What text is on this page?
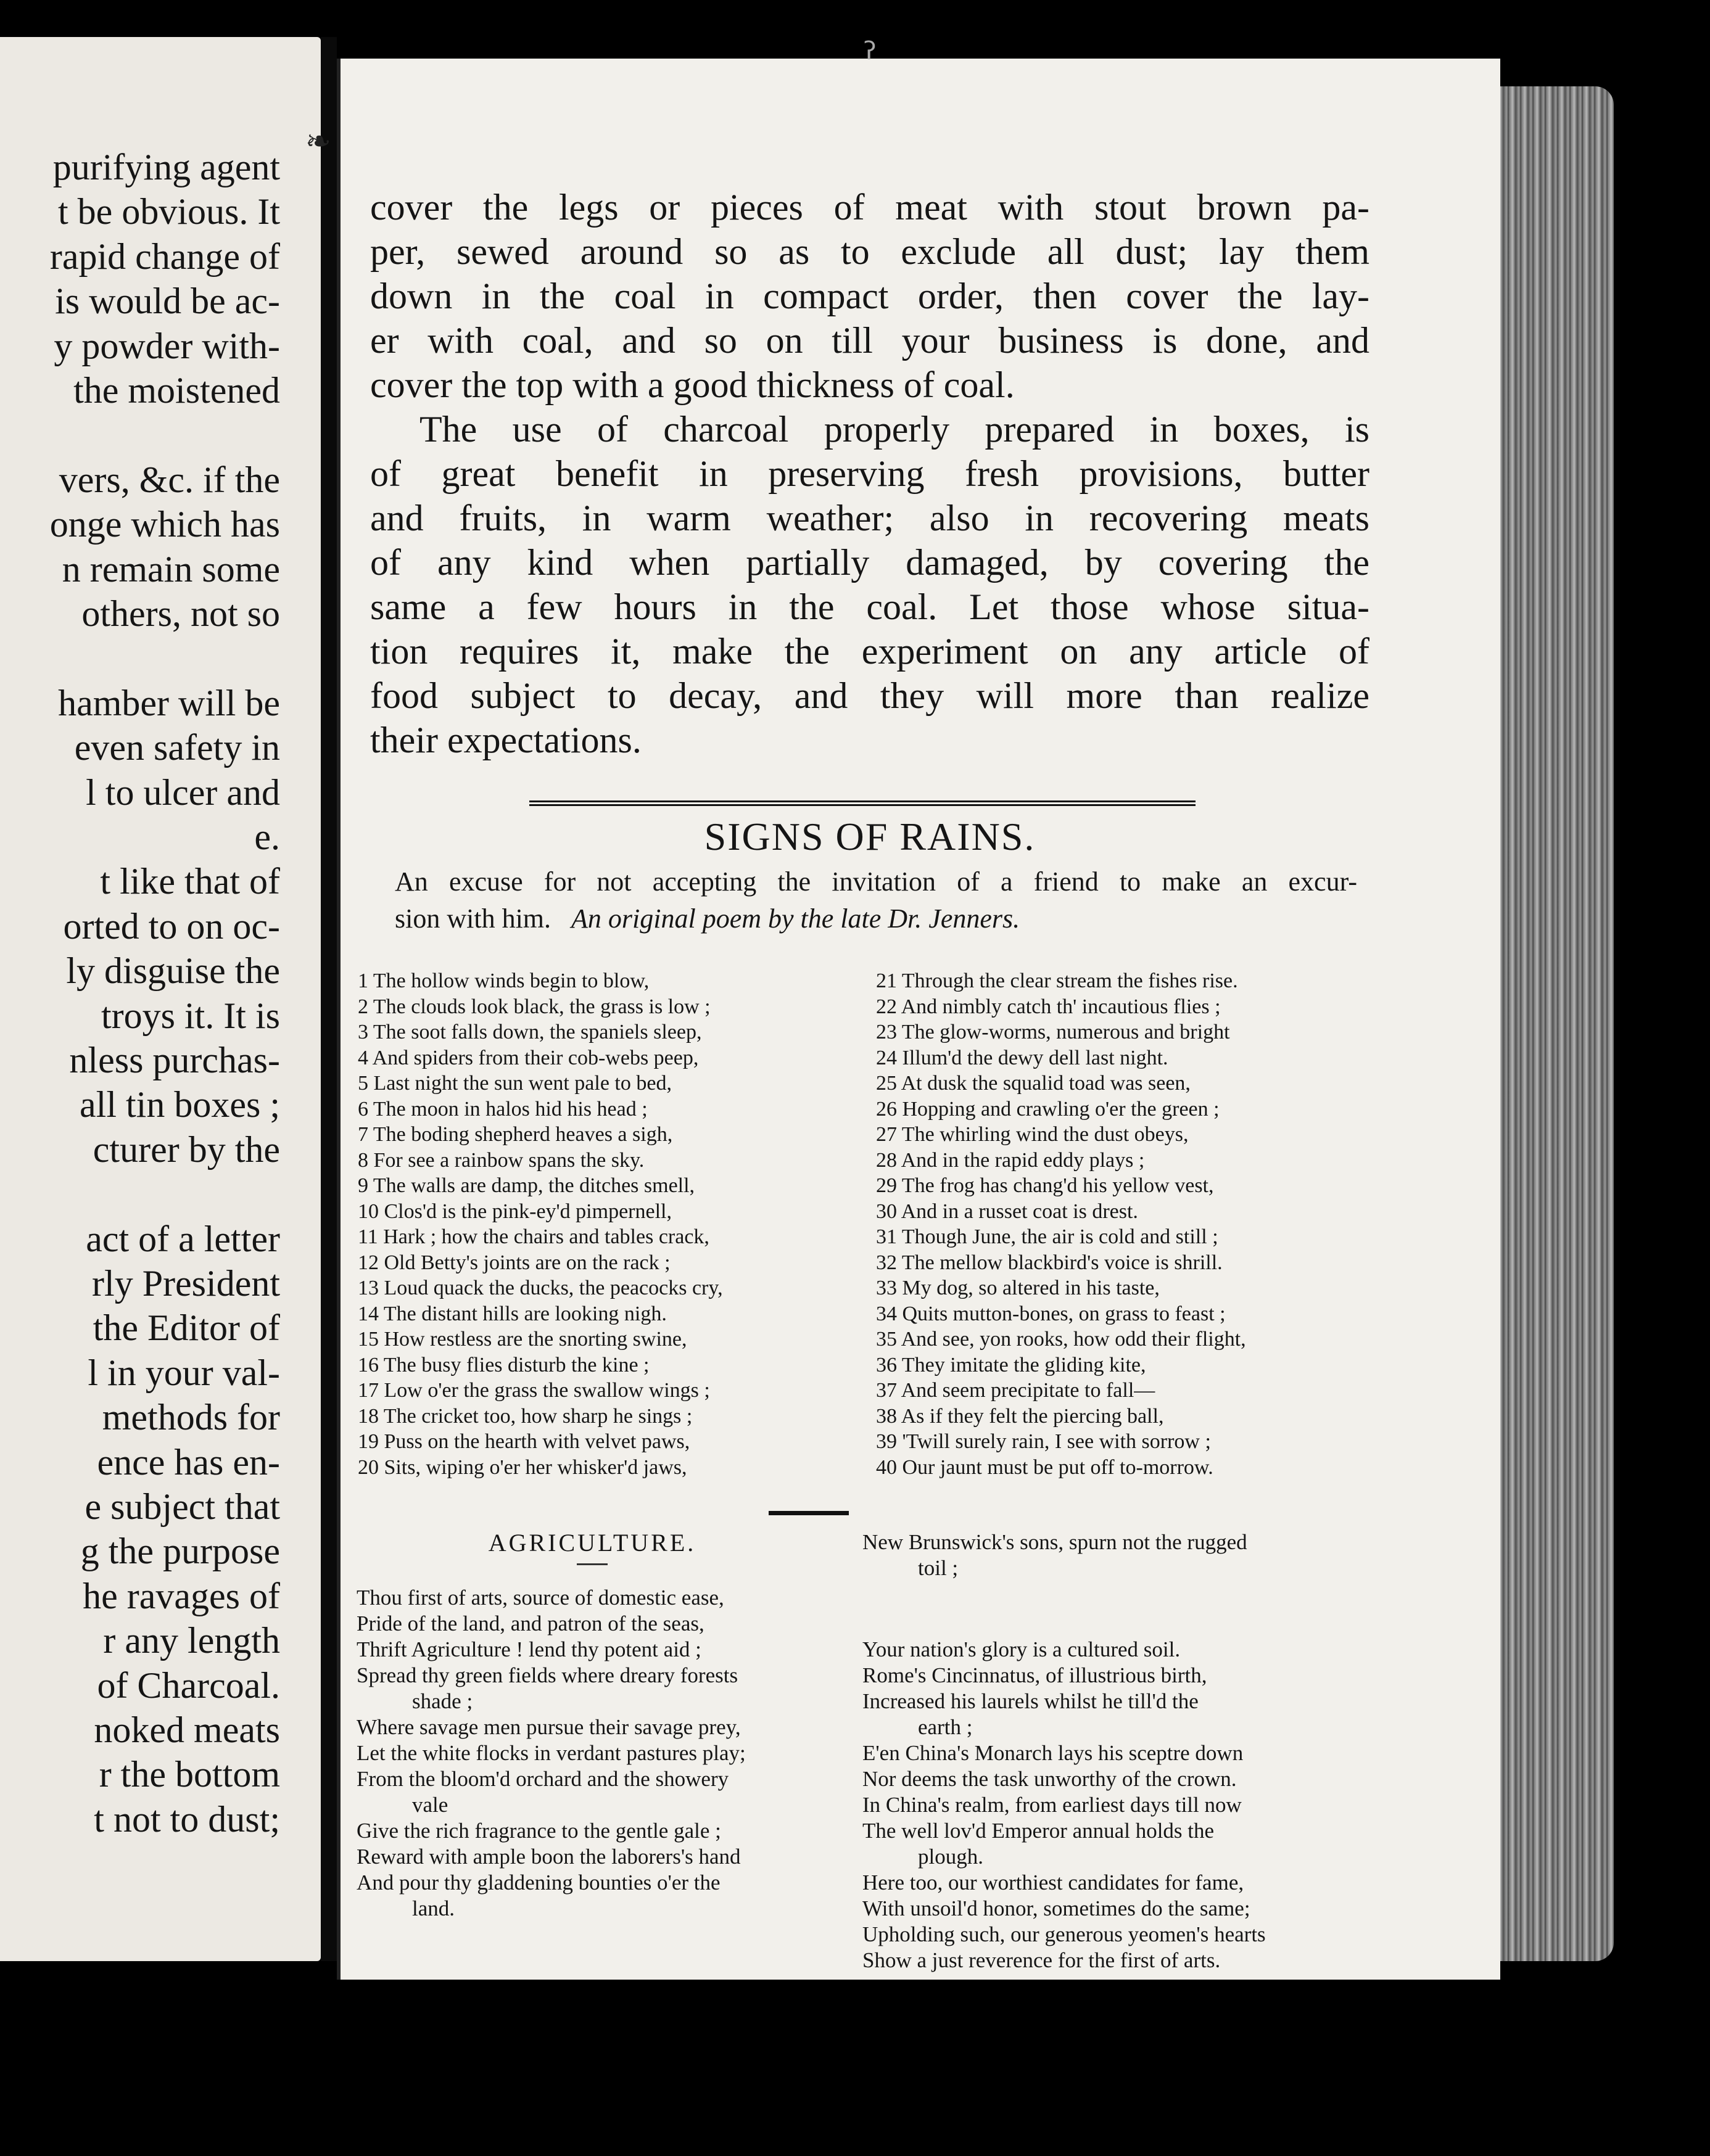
purifying agent
t be obvious. It
rapid change of
is would be ac-
y powder with-
the moistened
vers, &c. if the
onge which has
n remain some
others, not so
hamber will be
even safety in
l to ulcer and
e.
t like that of
orted to on oc-
ly disguise the
troys it. It is
nless purchas-
all tin boxes ;
cturer by the
act of a letter
rly President
the Editor of
l in your val-
methods for
ence has en-
e subject that
g the purpose
he ravages of
r any length
of Charcoal.
noked meats
r the bottom
t not to dust;
❧
ʔ
cover the legs or pieces of meat with stout brown pa-
per, sewed around so as to exclude all dust; lay them
down in the coal in compact order, then cover the lay-
er with coal, and so on till your business is done, and
cover the top with a good thickness of coal.
The use of charcoal properly prepared in boxes, is
of great benefit in preserving fresh provisions, butter
and fruits, in warm weather; also in recovering meats
of any kind when partially damaged, by covering the
same a few hours in the coal. Let those whose situa-
tion requires it, make the experiment on any article of
food subject to decay, and they will more than realize
their expectations.
SIGNS OF RAINS.
An excuse for not accepting the invitation of a friend to make an excur-
sion with him. An original poem by the late Dr. Jenners.
1 The hollow winds begin to blow,
2 The clouds look black, the grass is low ;
3 The soot falls down, the spaniels sleep,
4 And spiders from their cob-webs peep,
5 Last night the sun went pale to bed,
6 The moon in halos hid his head ;
7 The boding shepherd heaves a sigh,
8 For see a rainbow spans the sky.
9 The walls are damp, the ditches smell,
10 Clos'd is the pink-ey'd pimpernell,
11 Hark ; how the chairs and tables crack,
12 Old Betty's joints are on the rack ;
13 Loud quack the ducks, the peacocks cry,
14 The distant hills are looking nigh.
15 How restless are the snorting swine,
16 The busy flies disturb the kine ;
17 Low o'er the grass the swallow wings ;
18 The cricket too, how sharp he sings ;
19 Puss on the hearth with velvet paws,
20 Sits, wiping o'er her whisker'd jaws,
21 Through the clear stream the fishes rise.
22 And nimbly catch th' incautious flies ;
23 The glow-worms, numerous and bright
24 Illum'd the dewy dell last night.
25 At dusk the squalid toad was seen,
26 Hopping and crawling o'er the green ;
27 The whirling wind the dust obeys,
28 And in the rapid eddy plays ;
29 The frog has chang'd his yellow vest,
30 And in a russet coat is drest.
31 Though June, the air is cold and still ;
32 The mellow blackbird's voice is shrill.
33 My dog, so altered in his taste,
34 Quits mutton-bones, on grass to feast ;
35 And see, yon rooks, how odd their flight,
36 They imitate the gliding kite,
37 And seem precipitate to fall—
38 As if they felt the piercing ball,
39 'Twill surely rain, I see with sorrow ;
40 Our jaunt must be put off to-morrow.
AGRICULTURE.
Thou first of arts, source of domestic ease,
Pride of the land, and patron of the seas,
Thrift Agriculture ! lend thy potent aid ;
Spread thy green fields where dreary forests
shade ;
Where savage men pursue their savage prey,
Let the white flocks in verdant pastures play;
From the bloom'd orchard and the showery
vale
Give the rich fragrance to the gentle gale ;
Reward with ample boon the laborers's hand
And pour thy gladdening bounties o'er the
land.
New Brunswick's sons, spurn not the rugged
toil ;
Your nation's glory is a cultured soil.
Rome's Cincinnatus, of illustrious birth,
Increased his laurels whilst he till'd the
earth ;
E'en China's Monarch lays his sceptre down
Nor deems the task unworthy of the crown.
In China's realm, from earliest days till now
The well lov'd Emperor annual holds the
plough.
Here too, our worthiest candidates for fame,
With unsoil'd honor, sometimes do the same;
Upholding such, our generous yeomen's hearts
Show a just reverence for the first of arts.
